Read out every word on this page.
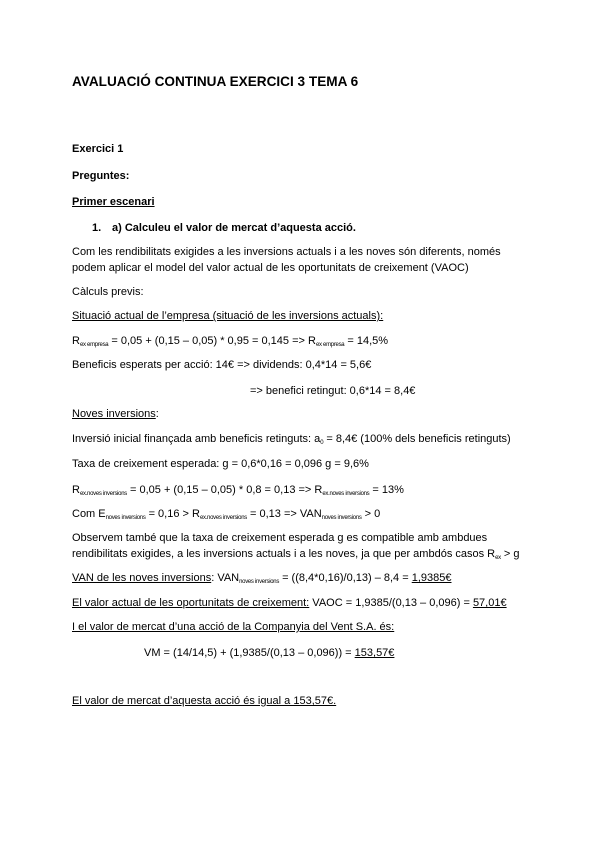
AVALUACIÓ CONTINUA EXERCICI 3 TEMA 6
Exercici 1
Preguntes:
Primer escenari
1. a) Calculeu el valor de mercat d’aquesta acció.
Com les rendibilitats exigides a les inversions actuals i a les noves són diferents, només
podem aplicar el model del valor actual de les oportunitats de creixement (VAOC)
Càlculs previs:
Situació actual de l’empresa (situació de les inversions actuals):
$R_{ex empresa} = 0,05 + (0,15 - 0,05) * 0,95 = 0,145 => R_{ex empresa} = 14,5\%$
Beneficis esperats per acció: 14€ => dividends: 0,4*14 = 5,6€
=> benefici retingut: 0,6*14 = 8,4€
Noves inversions:
Inversió inicial finançada amb beneficis retinguts: $a_0$ = 8,4€ (100% dels beneficis retinguts)
Taxa de creixement esperada: g = 0,6*0,16 = 0,096 g = 9,6%
$R_{ex.noves inversions} = 0,05 + (0,15 - 0,05) * 0,8 = 0,13 => R_{ex.noves inversions} = 13\%$
Com $E_{noves inversions} = 0,16 > R_{ex.noves inversions} = 0,13 => VAN_{noves inversions} > 0$
Observem també que la taxa de creixement esperada g es compatible amb ambdues
rendibilitats exigides, a les inversions actuals i a les noves, ja que per ambdós casos $R_{ex} > g$
VAN de les noves inversions: $VAN_{noves inversions} = ((8,4*0,16)/0,13) - 8,4$ = 1,9385€
El valor actual de les oportunitats de creixement: VAOC = 1,9385/(0,13 – 0,096) = 57,01€
I el valor de mercat d’una acció de la Companyia del Vent S.A. és:
VM = (14/14,5) + (1,9385/(0,13 – 0,096)) = 153,57€
El valor de mercat d’aquesta acció és igual a 153,57€.
